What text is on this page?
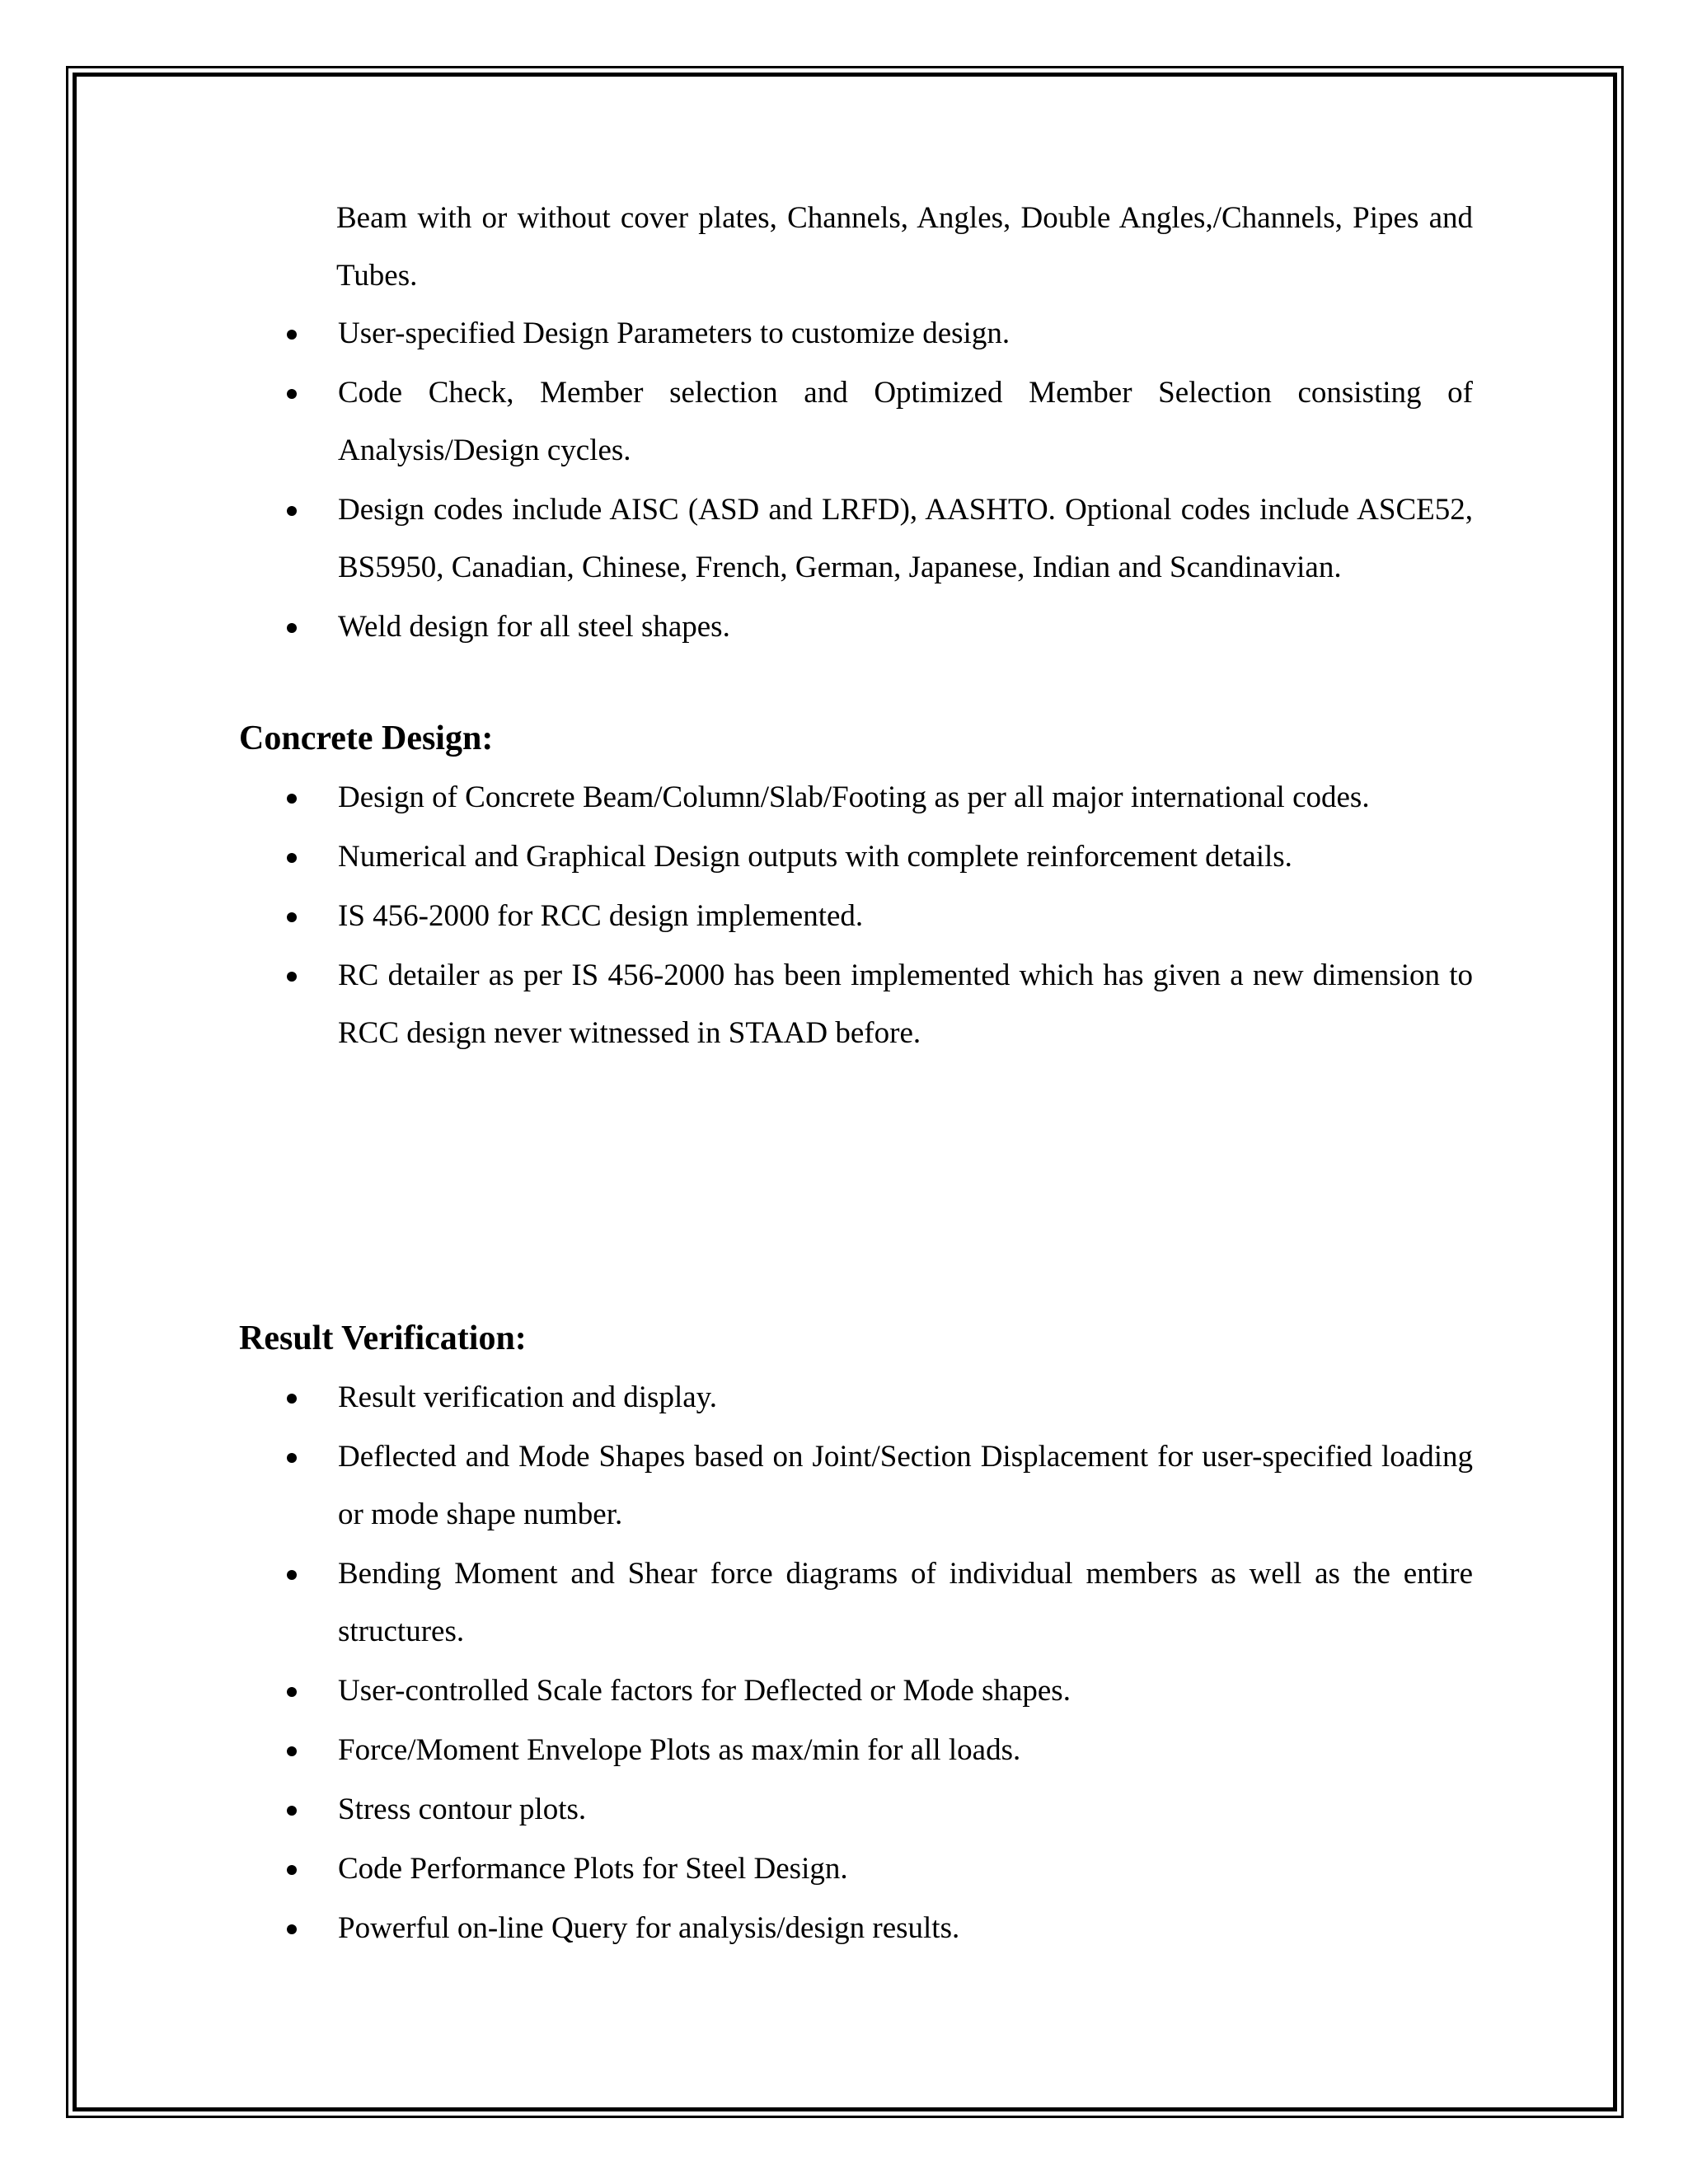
Beam with or without cover plates, Channels, Angles, Double Angles,/Channels, Pipes and Tubes.

User-specified Design Parameters to customize design.
Code Check, Member selection and Optimized Member Selection consisting of Analysis/Design cycles.
Design codes include AISC (ASD and LRFD), AASHTO. Optional codes include ASCE52, BS5950, Canadian, Chinese, French, German, Japanese, Indian and Scandinavian.
Weld design for all steel shapes.
Concrete Design:
Design of Concrete Beam/Column/Slab/Footing as per all major international codes.
Numerical and Graphical Design outputs with complete reinforcement details.
IS 456-2000 for RCC design implemented.
RC detailer as per IS 456-2000 has been implemented which has given a new dimension to RCC design never witnessed in STAAD before.
Result Verification:
Result verification and display.
Deflected and Mode Shapes based on Joint/Section Displacement for user-specified loading or mode shape number.
Bending Moment and Shear force diagrams of individual members as well as the entire structures.
User-controlled Scale factors for Deflected or Mode shapes.
Force/Moment Envelope Plots as max/min for all loads.
Stress contour plots.
Code Performance Plots for Steel Design.
Powerful on-line Query for analysis/design results.
